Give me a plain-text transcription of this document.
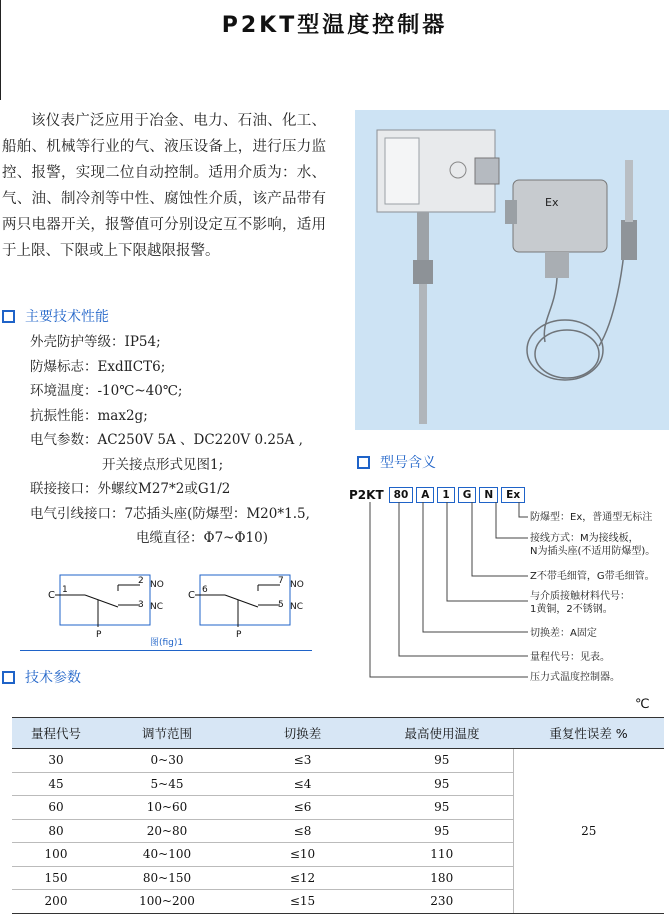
P2KT型温度控制器

该仪表广泛应用于冶金、电力、石油、化工、船舶、机械等行业的气、液压设备上，进行压力监控、报警，实现二位自动控制。适用介质为：水、气、油、制冷剂等中性、腐蚀性介质，该产品带有两只电器开关，报警值可分别设定互不影响，适用于上限、下限或上下限越限报警。

主要技术性能
外壳防护等级：IP54;
防爆标志：ExdⅡCT6;
环境温度：-10℃~40℃;
抗振性能：max2g;
电气参数：AC250V 5A 、DC220V 0.25A ,
开关接点形式见图1;
联接接口：外螺纹M27*2或G1/2
电气引线接口：7芯插头座(防爆型：M20*1.5,
电缆直径：Φ7~Φ10)
C 1
2
3
NO
NC
P
C 6
7
5
NO
NC
P
图(fig)1
技术参数
Ex
型号含义
P2KT 80	A	1	G	N	Ex
防爆型：Ex，普通型无标注
接线方式：M为接线板，
N为插头座(不适用防爆型)。
Z不带毛细管，G带毛细管。
与介质接触材料代号：
1黄铜，2不锈钢。
切换差：A固定
量程代号：见表。
压力式温度控制器。
℃
量程代号	调节范围	切换差	最高使用温度	重复性误差 %
30	0~30	≤3	95	25
45	5~45	≤4	95	
60	10~60	≤6	95	
80	20~80	≤8	95	
100	40~100	≤10	110	
150	80~150	≤12	180	
200	100~200	≤15	230	
